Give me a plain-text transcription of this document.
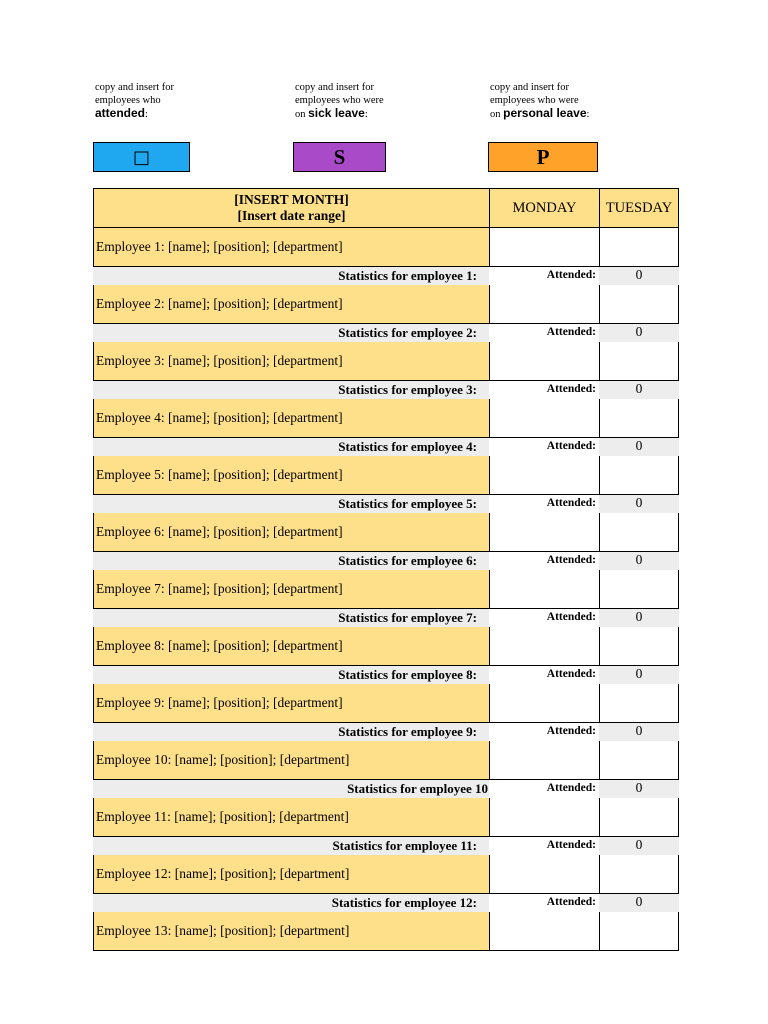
copy and insert for employees who attended:
copy and insert for employees who were on sick leave:
copy and insert for employees who were on personal leave:
□	S	P
[INSERT MONTH]
[Insert date range]	MONDAY	TUESDAY
Employee 1: [name]; [position]; [department]
Statistics for employee 1:	Attended:	0
Employee 2: [name]; [position]; [department]
Statistics for employee 2:	Attended:	0
Employee 3: [name]; [position]; [department]
Statistics for employee 3:	Attended:	0
Employee 4: [name]; [position]; [department]
Statistics for employee 4:	Attended:	0
Employee 5: [name]; [position]; [department]
Statistics for employee 5:	Attended:	0
Employee 6: [name]; [position]; [department]
Statistics for employee 6:	Attended:	0
Employee 7: [name]; [position]; [department]
Statistics for employee 7:	Attended:	0
Employee 8: [name]; [position]; [department]
Statistics for employee 8:	Attended:	0
Employee 9: [name]; [position]; [department]
Statistics for employee 9:	Attended:	0
Employee 10: [name]; [position]; [department]
Statistics for employee 10	Attended:	0
Employee 11: [name]; [position]; [department]
Statistics for employee 11:	Attended:	0
Employee 12: [name]; [position]; [department]
Statistics for employee 12:	Attended:	0
Employee 13: [name]; [position]; [department]
